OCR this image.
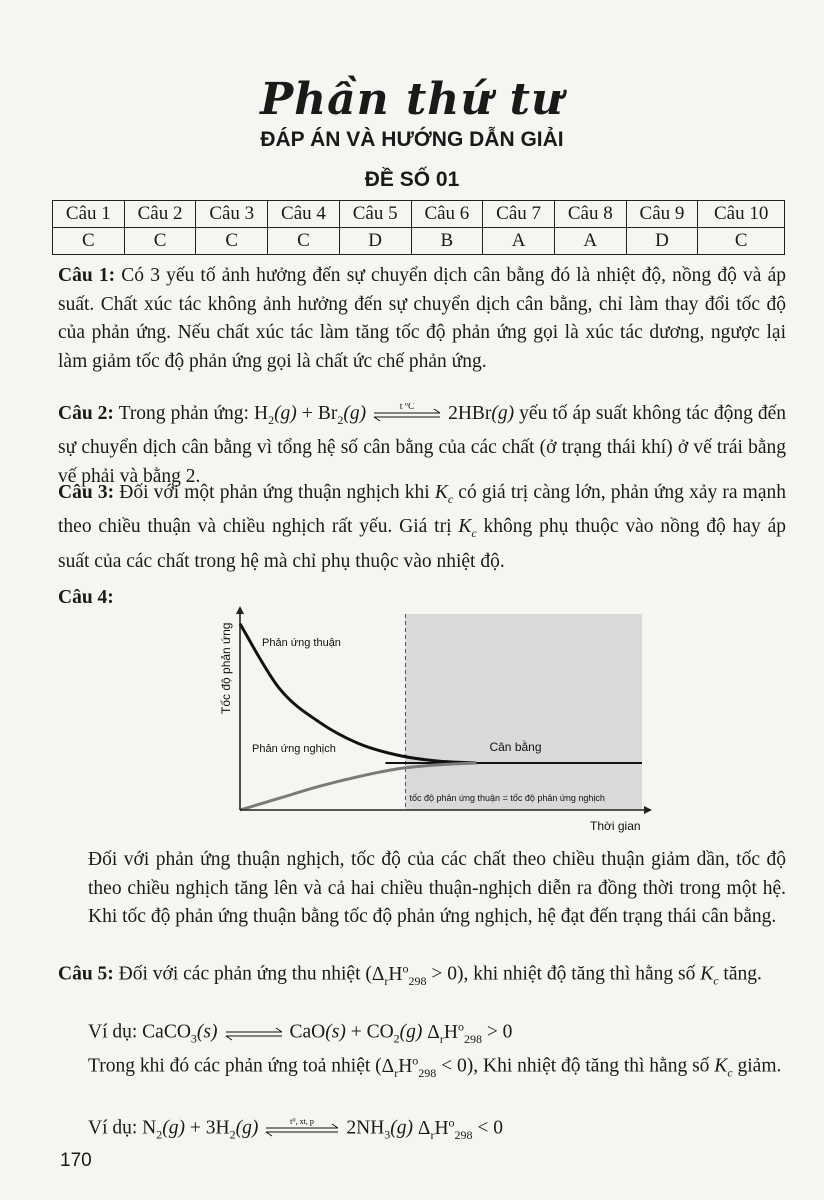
Phần thứ tư
ĐÁP ÁN VÀ HƯỚNG DẪN GIẢI
ĐỀ SỐ 01
Câu 1	Câu 2	Câu 3	Câu 4	Câu 5	Câu 6	Câu 7	Câu 8	Câu 9	Câu 10
C	C	C	C	D	B	A	A	D	C
Câu 1: Có 3 yếu tố ảnh hưởng đến sự chuyển dịch cân bằng đó là nhiệt độ, nồng độ và áp suất. Chất xúc tác không ảnh hưởng đến sự chuyển dịch cân bằng, chỉ làm thay đổi tốc độ của phản ứng. Nếu chất xúc tác làm tăng tốc độ phản ứng gọi là xúc tác dương, ngược lại làm giảm tốc độ phản ứng gọi là chất ức chế phản ứng.
Câu 2: Trong phản ứng: $H_2(g) + Br_2(g)$	t °C 2HBr(g) yếu tố áp suất không tác động đến sự chuyển dịch cân bằng vì tổng hệ số cân bằng của các chất (ở trạng thái khí) ở vế trái bằng vế phải và bằng 2.
Câu 3: Đối với một phản ứng thuận nghịch khi $K_c$ có giá trị càng lớn, phản ứng xảy ra mạnh theo chiều thuận và chiều nghịch rất yếu. Giá trị $K_c$ không phụ thuộc vào nồng độ hay áp suất của các chất trong hệ mà chỉ phụ thuộc vào nhiệt độ.
Câu 4:
Tốc độ phản ứng
Thời gian
Phản ứng thuận
Phản ứng nghịch	Cân bằng
tốc độ phản ứng thuận = tốc độ phản ứng nghịch
Đối với phản ứng thuận nghịch, tốc độ của các chất theo chiều thuận giảm dần, tốc độ theo chiều nghịch tăng lên và cả hai chiều thuận-nghịch diễn ra đồng thời trong một hệ. Khi tốc độ phản ứng thuận bằng tốc độ phản ứng nghịch, hệ đạt đến trạng thái cân bằng.
Câu 5: Đối với các phản ứng thu nhiệt $(\Delta_rH^o_{298} > 0)$, khi nhiệt độ tăng thì hằng số $K_c$ tăng.
Ví dụ: CaCO$_3$(s) ⇌ $CaO(s) + CO_2(g) \Delta_rH^o_{298} > 0$
Trong khi đó các phản ứng toả nhiệt $(\Delta_rH^o_{298} < 0)$, Khi nhiệt độ tăng thì hằng số $K_c$ giảm.
Ví dụ: $N_2(g) + 3H_2(g)$	t⁰, xt, p $2NH_3(g) \Delta_rH^o_{298} < 0$
170
